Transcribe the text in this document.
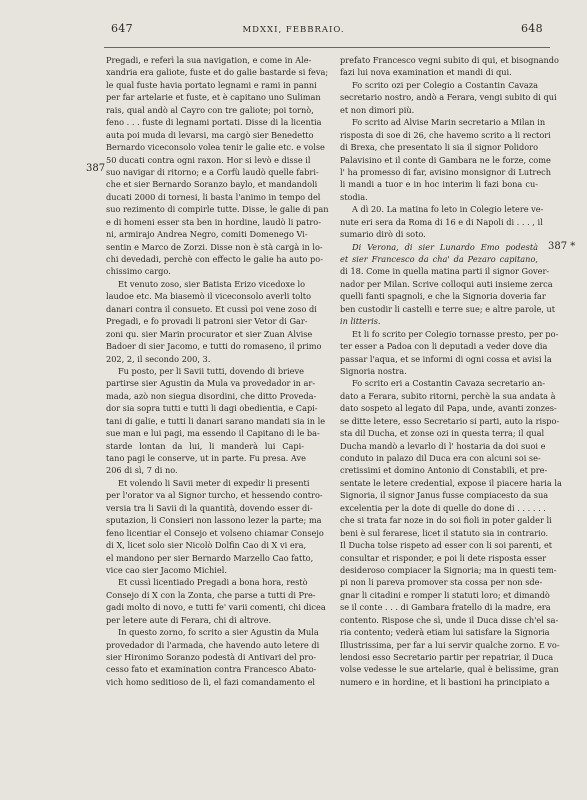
647	MDXXI, FEBBRAIO.	648
387
387 *
Pregadi, e referì la sua navigation, e come in Ale-
xandria era galiote, fuste et do galie bastarde si feva;
le qual fuste havia portato legnami e rami in panni
per far artelarie et fuste, et è capitano uno Suliman
rais, qual andò al Cayro con tre galiote; poi tornò,
feno . . . fuste di legnami portati. Disse di la licentia
auta poi muda di levarsi, ma cargò sier Benedetto
Bernardo viceconsolo volea tenir le galie etc. e volse
50 ducati contra ogni raxon. Hor si levò e disse il
suo navigar di ritorno; e a Corfù laudò quelle fabri-
che et sier Bernardo Soranzo baylo, et mandandoli
ducati 2000 di tornesi, li basta l'animo in tempo del
suo rezimento di compirle tutte. Disse, le galie di pan
e di homeni esser sta ben in hordine, laudò li patro-
ni, armirajo Andrea Negro, comiti Domenego Vi-
sentin e Marco de Zorzi. Disse non è stà cargà in lo-
chi devedadi, perchè con effecto le galie ha auto po-
chissimo cargo.
Et venuto zoso, sier Batista Erizo vicedoxe lo
laudoe etc. Ma biasemò il viceconsolo averli tolto
danari contra il consueto. Et cussì poi vene zoso di
Pregadi, e fo provadi li patroni sier Vetor di Gar-
zoni qu. sier Marin procurator et sier Zuan Alvise
Badoer di sier Jacomo, e tutti do romaseno, il primo
202, 2, il secondo 200, 3.
Fu posto, per li Savii tutti, dovendo di brieve
partirse sier Agustin da Mula va provedador in ar-
mada, azò non siegua disordini, che ditto Proveda-
dor sia sopra tutti e tutti li dagi obedientia, e Capi-
tani di galie, e tutti li danari sarano mandati sia in le
sue man e lui pagi, ma essendo il Capitano di le ba-
starde lontan da lui, li manderà lui Capi-
tano pagi le conserve, ut in parte. Fu presa. Ave
206 di sì, 7 di no.
Et volendo li Savii meter di expedir li presenti
per l'orator va al Signor turcho, et hessendo contro-
versia tra li Savii di la quantità, dovendo esser di-
sputazion, li Consieri non lassono lezer la parte; ma
feno licentiar el Consejo et volseno chiamar Consejo
di X, licet solo sier Nicolò Dolfin Cao di X vi era,
el mandono per sier Bernardo Marzello Cao fatto,
vice cao sier Jacomo Michiel.
Et cussì licentiado Pregadi a bona hora, restò
Consejo di X con la Zonta, che parse a tutti di Pre-
gadi molto di novo, e tutti fe' varii comenti, chi dicea
per letere aute di Ferara, chi di altrove.
In questo zorno, fo scrito a sier Agustin da Mula
provedador di l'armada, che havendo auto letere di
sier Hironimo Soranzo podestà di Antivari del pro-
cesso fato et examination contra Francesco Abato-
vich homo seditioso de lì, el fazi comandamento el
prefato Francesco vegni subito di qui, et bisognando
fazi lui nova examination et mandi di qui.
Fo scrito ozi per Colegio a Costantin Cavaza
secretario nostro, andò a Ferara, vengi subito di qui
et non dimori più.
Fo scrito ad Alvise Marin secretario a Milan in
risposta di soe di 26, che havemo scrito a li rectori
di Brexa, che presentato li sia il signor Polidoro
Palavisino et il conte di Gambara ne le forze, come
l' ha promesso di far, avisino monsignor di Lutrech
li mandi a tuor e in hoc interim li fazi bona cu-
stodia.
A dì 20. La matina fo leto in Colegio letere ve-
nute eri sera da Roma di 16 e di Napoli di . . . , il
sumario dirò di soto.
Di Verona, di sier Lunardo Emo podestà
et sier Francesco da cha' da Pezaro capitano,
di 18. Come in quella matina parti il signor Gover-
nador per Milan. Scrive colloqui auti insieme zerca
quelli fanti spagnoli, e che la Signoria doveria far
ben custodir li castelli e terre sue; e altre parole, ut
in litteris.
Et li fo scrito per Colegio tornasse presto, per po-
ter esser a Padoa con li deputadi a veder dove dia
passar l'aqua, et se informi di ogni cossa et avisi la
Signoria nostra.
Fo scrito eri a Costantin Cavaza secretario an-
dato a Ferara, subito ritorni, perchè la sua andata à
dato sospeto al legato dil Papa, unde, avanti zonzes-
se ditte letere, esso Secretario si parti, auto la rispo-
sta dil Ducha, et zonse ozi in questa terra; il qual
Ducha mandò a levarlo di l' hostaria da doi suoi e
conduto in palazo dil Duca era con alcuni soi se-
cretissimi et domino Antonio di Constabili, et pre-
sentate le letere credential, expose il piacere haria la
Signoria, il signor Janus fusse compiacesto da sua
excelentia per la dote di quelle do done di . . . . . .
che si trata far noze in do soi fioli in poter galder li
beni è sul ferarese, licet il statuto sia in contrario.
Il Ducha tolse rispeto ad esser con li soi parenti, et
consultar et risponder, e poi li dete risposta esser
desideroso compiacer la Signoria; ma in questi tem-
pi non li pareva promover sta cossa per non sde-
gnar li citadini e romper li statuti loro; et dimandò
se il conte . . . di Gambara fratello di la madre, era
contento. Rispose che sì, unde il Duca disse ch'el sa-
ria contento; vederà etiam lui satisfare la Signoria
Illustrissima, per far a lui servir qualche zorno. E vo-
lendosi esso Secretario partir per repatriar, il Duca
volse vedesse le sue artelarie, qual è belissime, gran
numero e in hordine, et li bastioni ha principiato a
